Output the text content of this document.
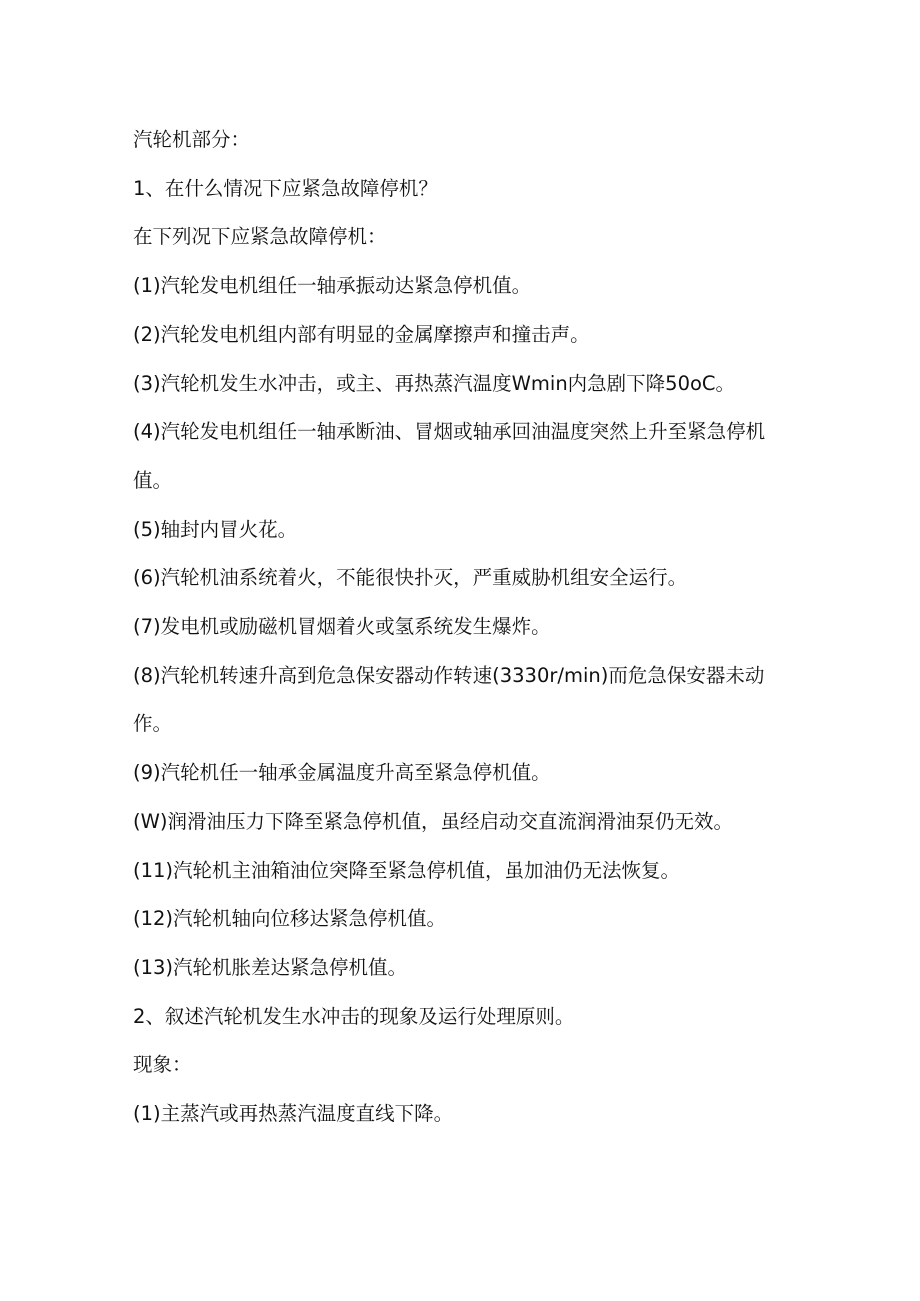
汽轮机部分：

1、在什么情况下应紧急故障停机？

在下列况下应紧急故障停机：

(1)汽轮发电机组任一轴承振动达紧急停机值。

(2)汽轮发电机组内部有明显的金属摩擦声和撞击声。

(3)汽轮机发生水冲击，或主、再热蒸汽温度Wmin内急剧下降50oC。

(4)汽轮发电机组任一轴承断油、冒烟或轴承回油温度突然上升至紧急停机

值。

(5)轴封内冒火花。

(6)汽轮机油系统着火，不能很快扑灭，严重威胁机组安全运行。

(7)发电机或励磁机冒烟着火或氢系统发生爆炸。

(8)汽轮机转速升高到危急保安器动作转速(3330r/min)而危急保安器未动

作。

(9)汽轮机任一轴承金属温度升高至紧急停机值。

(W)润滑油压力下降至紧急停机值，虽经启动交直流润滑油泵仍无效。

(11)汽轮机主油箱油位突降至紧急停机值，虽加油仍无法恢复。

(12)汽轮机轴向位移达紧急停机值。

(13)汽轮机胀差达紧急停机值。

2、叙述汽轮机发生水冲击的现象及运行处理原则。

现象：

(1)主蒸汽或再热蒸汽温度直线下降。
